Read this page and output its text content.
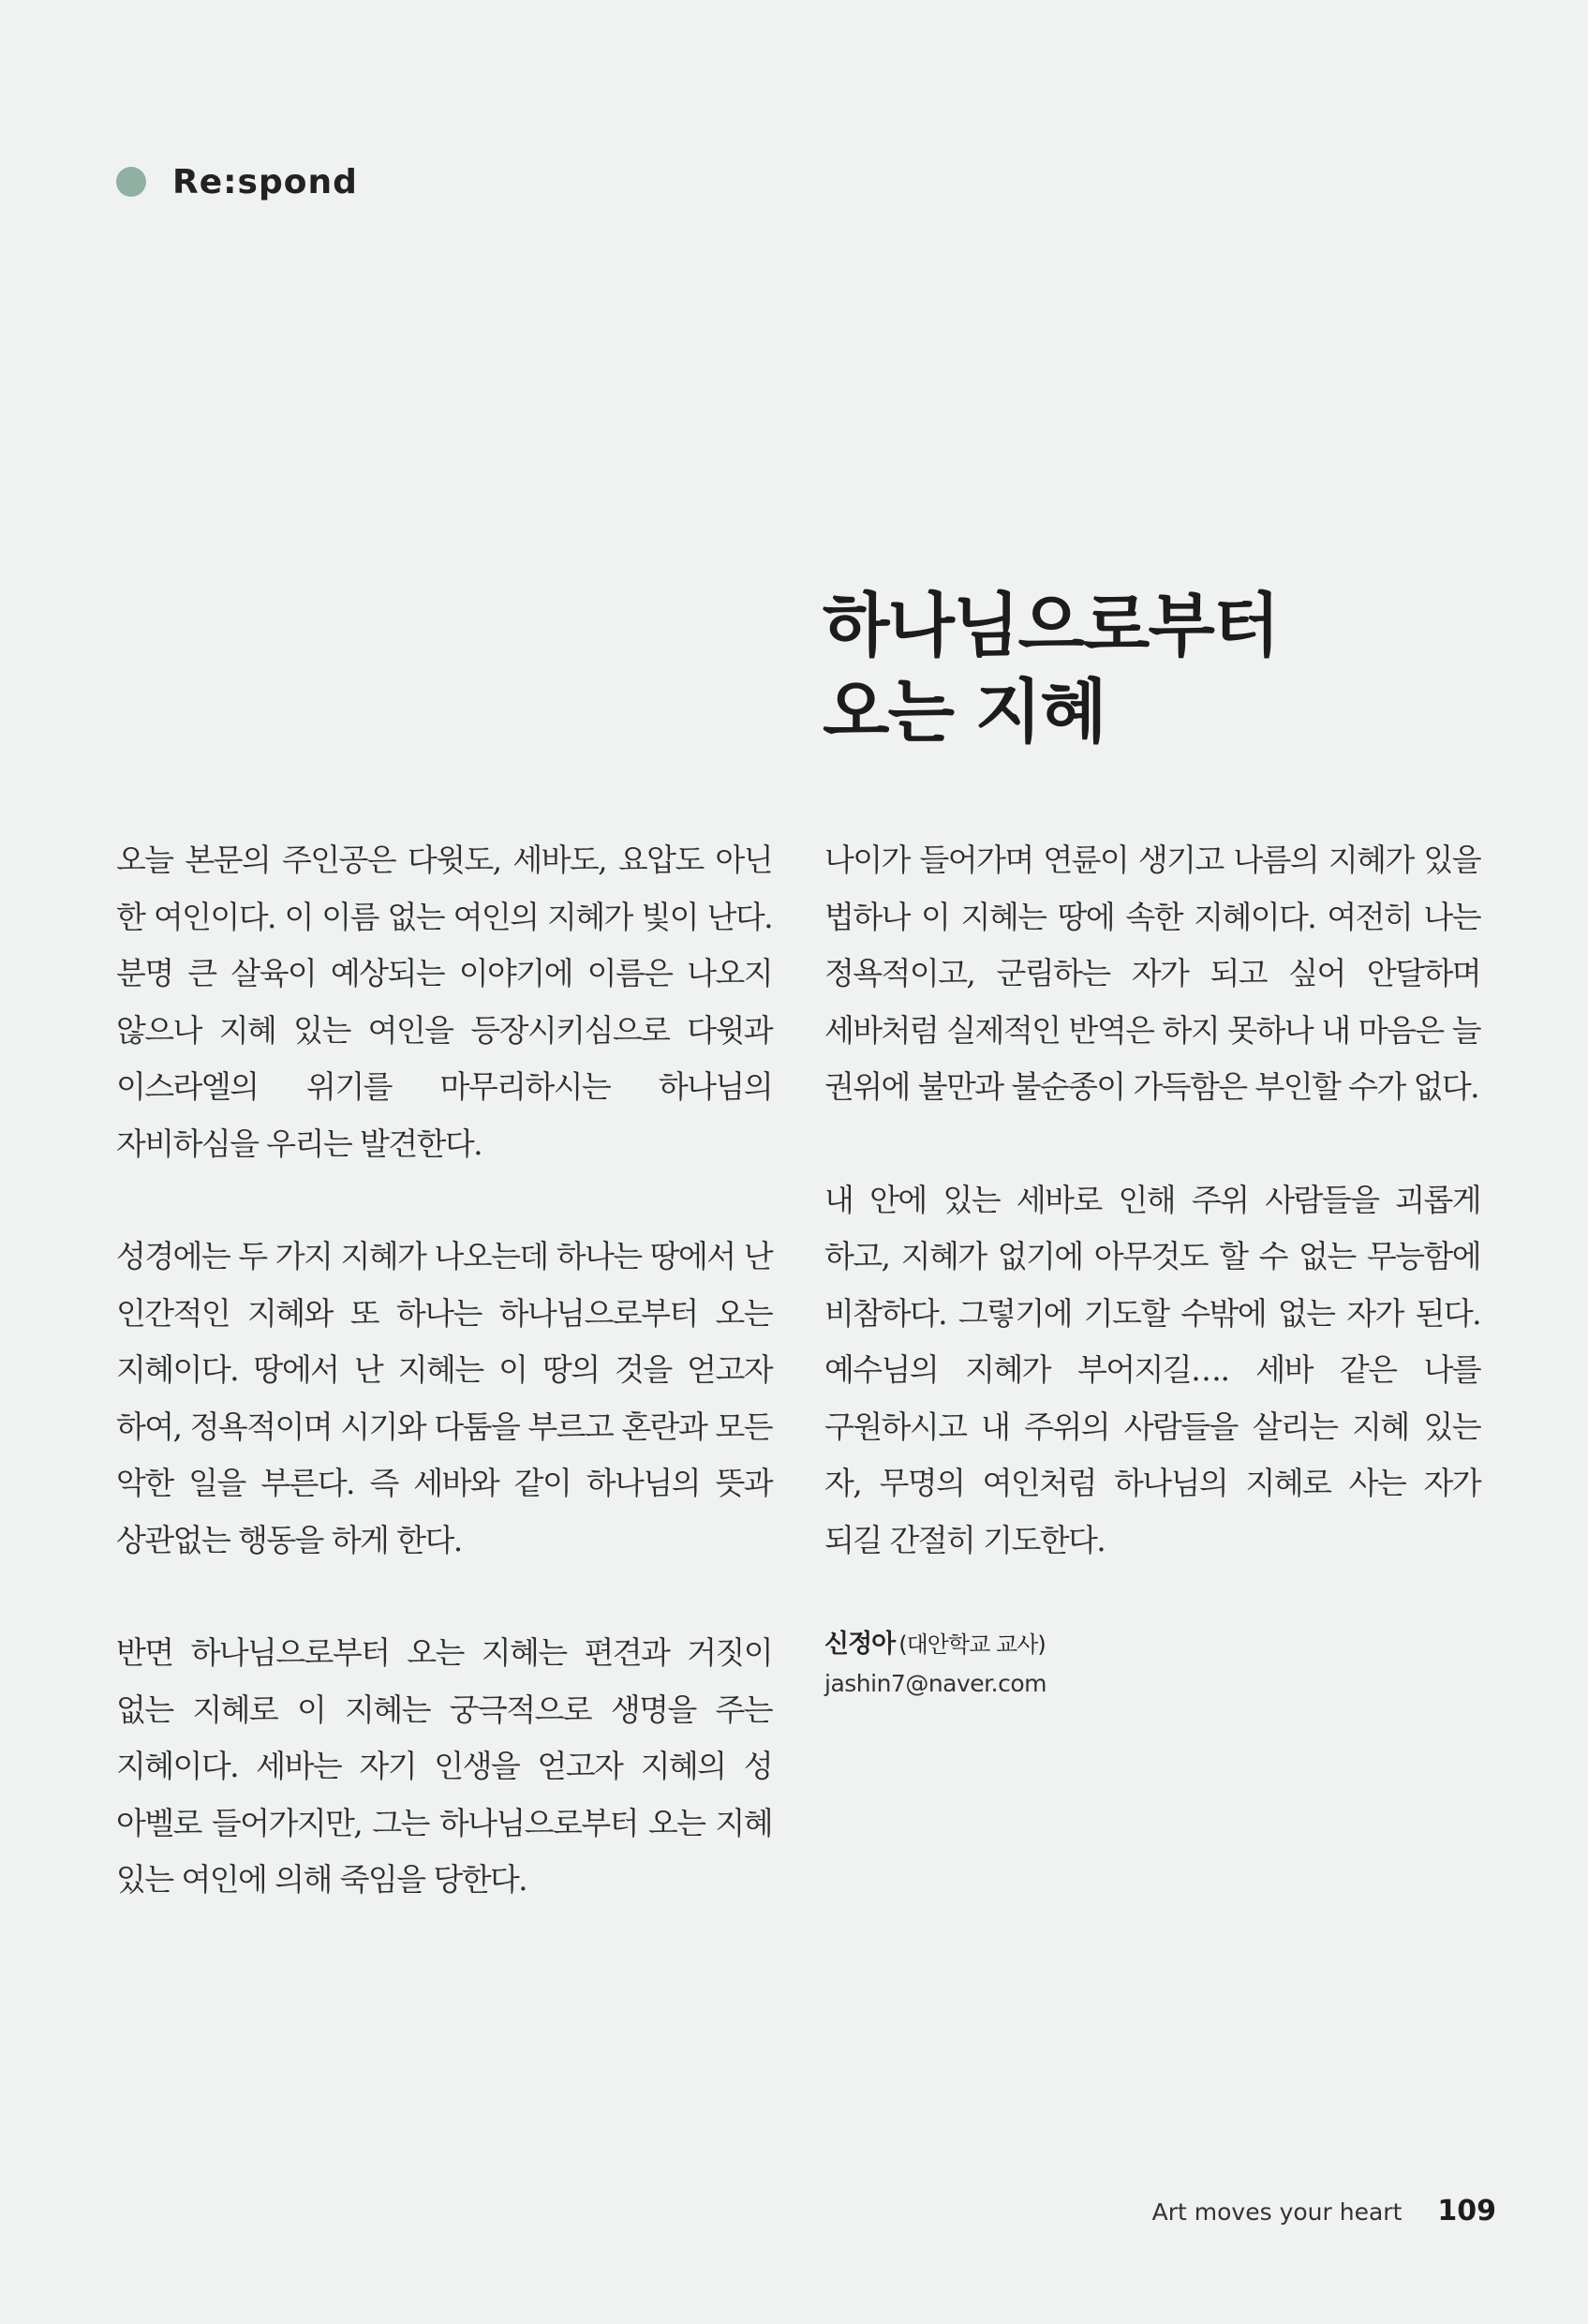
Re:spond
하나님으로부터
오는 지혜

오늘 본문의 주인공은 다윗도, 세바도, 요압도 아닌 한 여인이다. 이 이름 없는 여인의 지혜가 빛이 난다. 분명 큰 살육이 예상되는 이야기에 이름은 나오지 않으나 지혜 있는 여인을 등장시키심으로 다윗과 이스라엘의 위기를 마무리하시는 하나님의 자비하심을 우리는 발견한다.

성경에는 두 가지 지혜가 나오는데 하나는 땅에서 난 인간적인 지혜와 또 하나는 하나님으로부터 오는 지혜이다. 땅에서 난 지혜는 이 땅의 것을 얻고자 하여, 정욕적이며 시기와 다툼을 부르고 혼란과 모든 악한 일을 부른다. 즉 세바와 같이 하나님의 뜻과 상관없는 행동을 하게 한다.

반면 하나님으로부터 오는 지혜는 편견과 거짓이 없는 지혜로 이 지혜는 궁극적으로 생명을 주는 지혜이다. 세바는 자기 인생을 얻고자 지혜의 성 아벨로 들어가지만, 그는 하나님으로부터 오는 지혜 있는 여인에 의해 죽임을 당한다.

나이가 들어가며 연륜이 생기고 나름의 지혜가 있을 법하나 이 지혜는 땅에 속한 지혜이다. 여전히 나는 정욕적이고, 군림하는 자가 되고 싶어 안달하며 세바처럼 실제적인 반역은 하지 못하나 내 마음은 늘 권위에 불만과 불순종이 가득함은 부인할 수가 없다.

내 안에 있는 세바로 인해 주위 사람들을 괴롭게 하고, 지혜가 없기에 아무것도 할 수 없는 무능함에 비참하다. 그렇기에 기도할 수밖에 없는 자가 된다. 예수님의 지혜가 부어지길…. 세바 같은 나를 구원하시고 내 주위의 사람들을 살리는 지혜 있는 자, 무명의 여인처럼 하나님의 지혜로 사는 자가 되길 간절히 기도한다.

신정아 (대안학교 교사)
jashin7@naver.com
Art moves your heart 109
